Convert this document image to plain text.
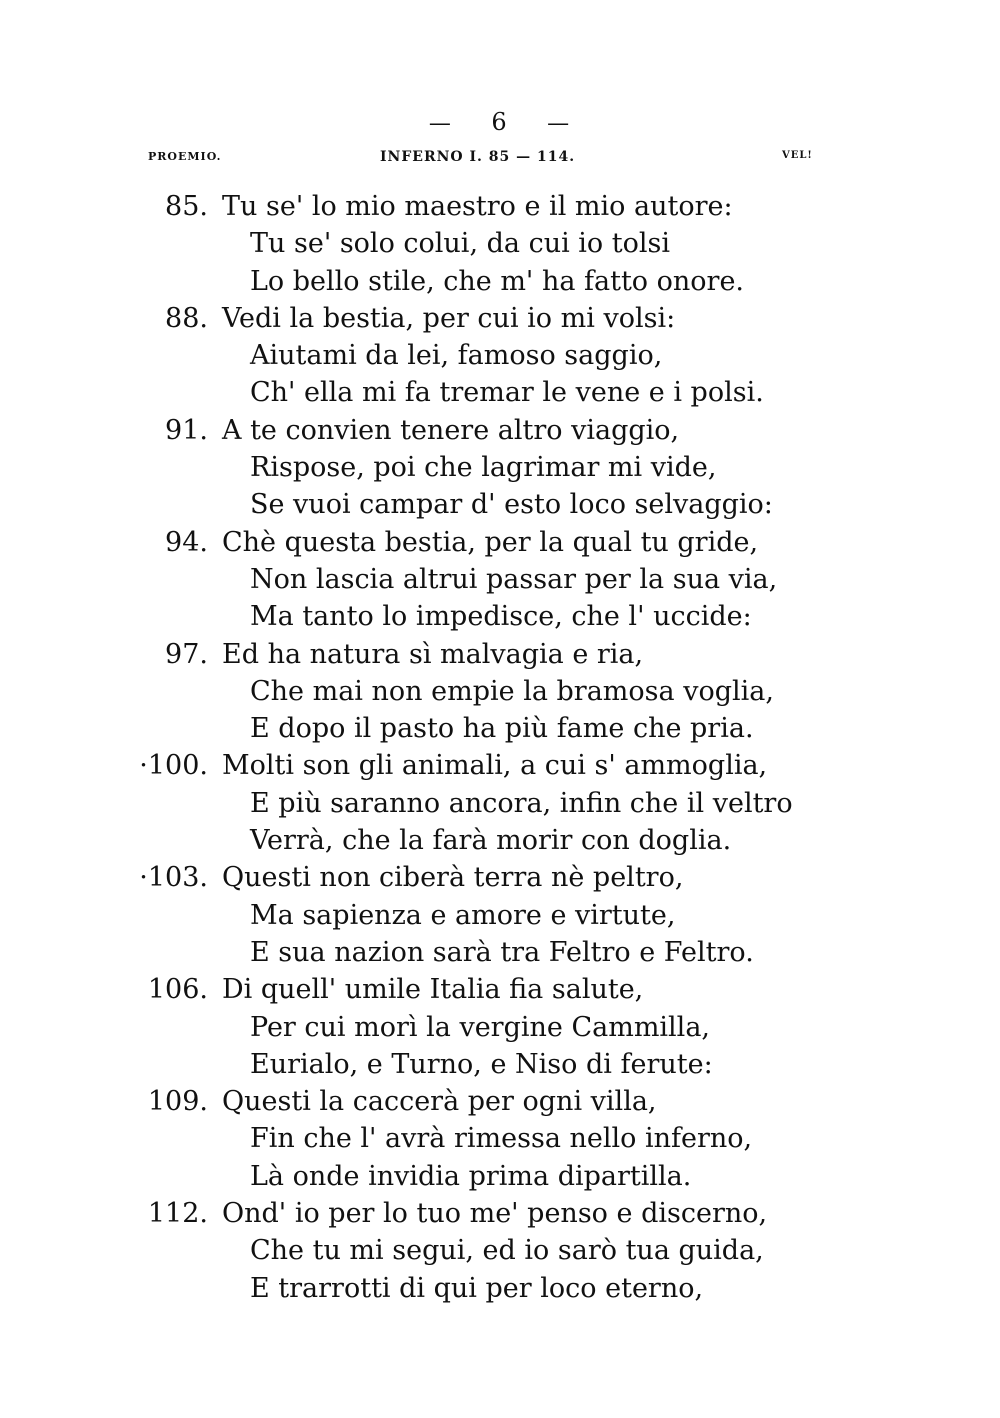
— 6 —
PROEMIO.	INFERNO I. 85 — 114.	VEL!
85. Tu se' lo mio maestro e il mio autore:
Tu se' solo colui, da cui io tolsi
Lo bello stile, che m' ha fatto onore.
88. Vedi la bestia, per cui io mi volsi:
Aiutami da lei, famoso saggio,
Ch' ella mi fa tremar le vene e i polsi.
91. A te convien tenere altro viaggio,
Rispose, poi che lagrimar mi vide,
Se vuoi campar d' esto loco selvaggio:
94. Chè questa bestia, per la qual tu gride,
Non lascia altrui passar per la sua via,
Ma tanto lo impedisce, che l' uccide:
97. Ed ha natura sì malvagia e ria,
Che mai non empie la bramosa voglia,
E dopo il pasto ha più fame che pria.
·100. Molti son gli animali, a cui s' ammoglia,
E più saranno ancora, infin che il veltro
Verrà, che la farà morir con doglia.
·103. Questi non ciberà terra nè peltro,
Ma sapienza e amore e virtute,
E sua nazion sarà tra Feltro e Feltro.
106. Di quell' umile Italia fia salute,
Per cui morì la vergine Cammilla,
Eurialo, e Turno, e Niso di ferute:
109. Questi la caccerà per ogni villa,
Fin che l' avrà rimessa nello inferno,
Là onde invidia prima dipartilla.
112. Ond' io per lo tuo me' penso e discerno,
Che tu mi segui, ed io sarò tua guida,
E trarrotti di qui per loco eterno,
